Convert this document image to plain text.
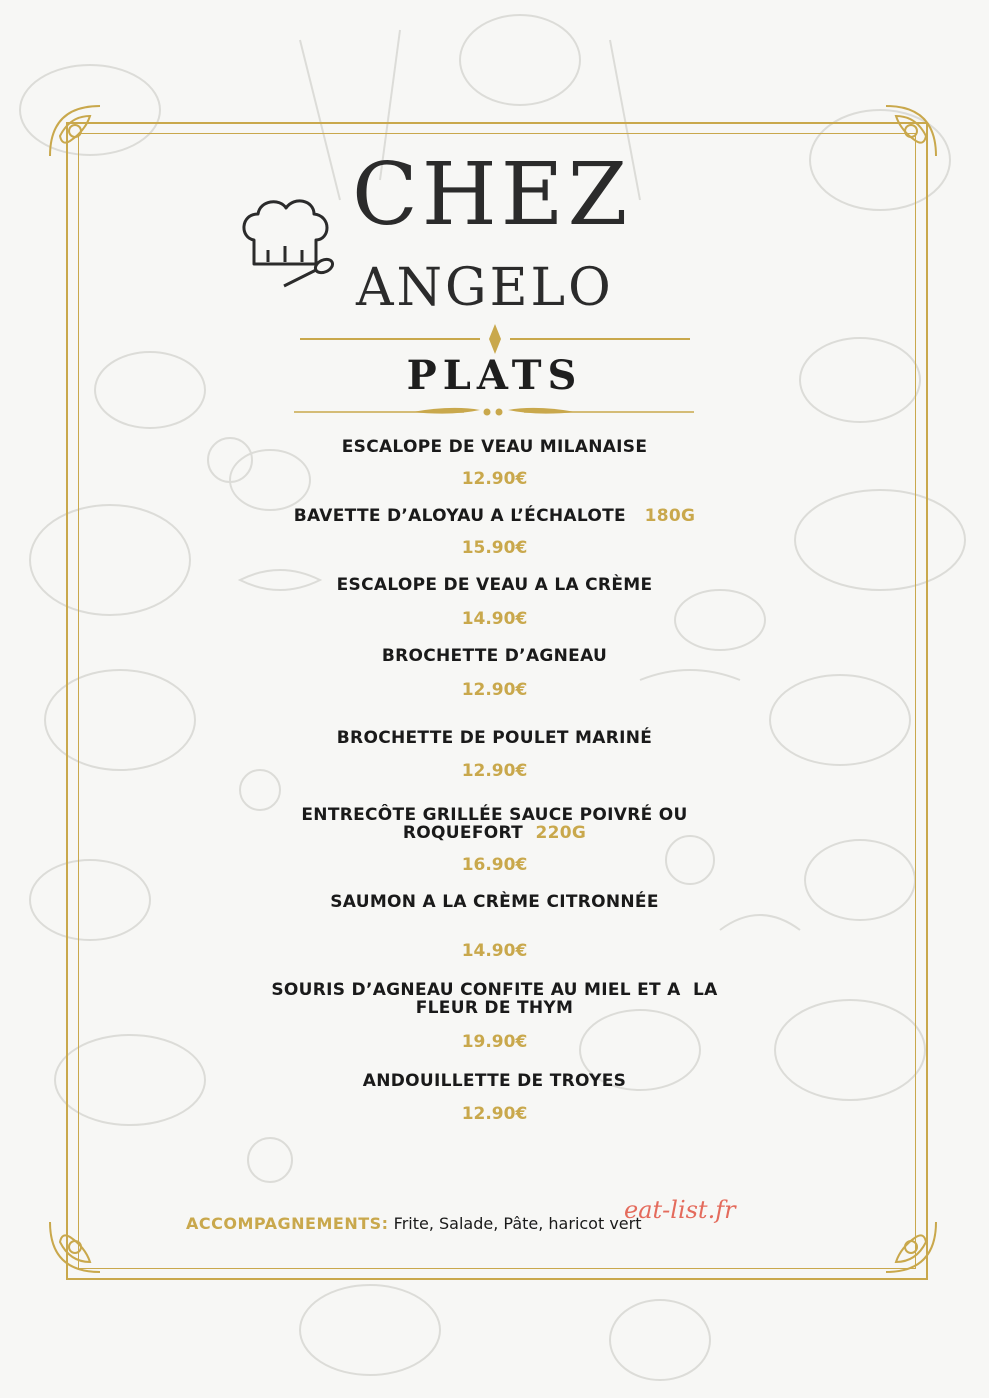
CHEZ
ANGELO
PLATS
ESCALOPE DE VEAU MILANAISE
12.90€
BAVETTE D’ALOYAU A L’ÉCHALOTE 180G
15.90€
ESCALOPE DE VEAU A LA CRÈME
14.90€
BROCHETTE D’AGNEAU
12.90€
BROCHETTE DE POULET MARINÉ
12.90€
ENTRECÔTE GRILLÉE SAUCE POIVRÉ OU
ROQUEFORT 220G
16.90€
SAUMON A LA CRÈME CITRONNÉE
14.90€
SOURIS D’AGNEAU CONFITE AU MIEL ET A  LA
FLEUR DE THYM
19.90€
ANDOUILLETTE DE TROYES
12.90€
ACCOMPAGNEMENTS: Frite, Salade, Pâte, haricot vert
eat-list.fr
